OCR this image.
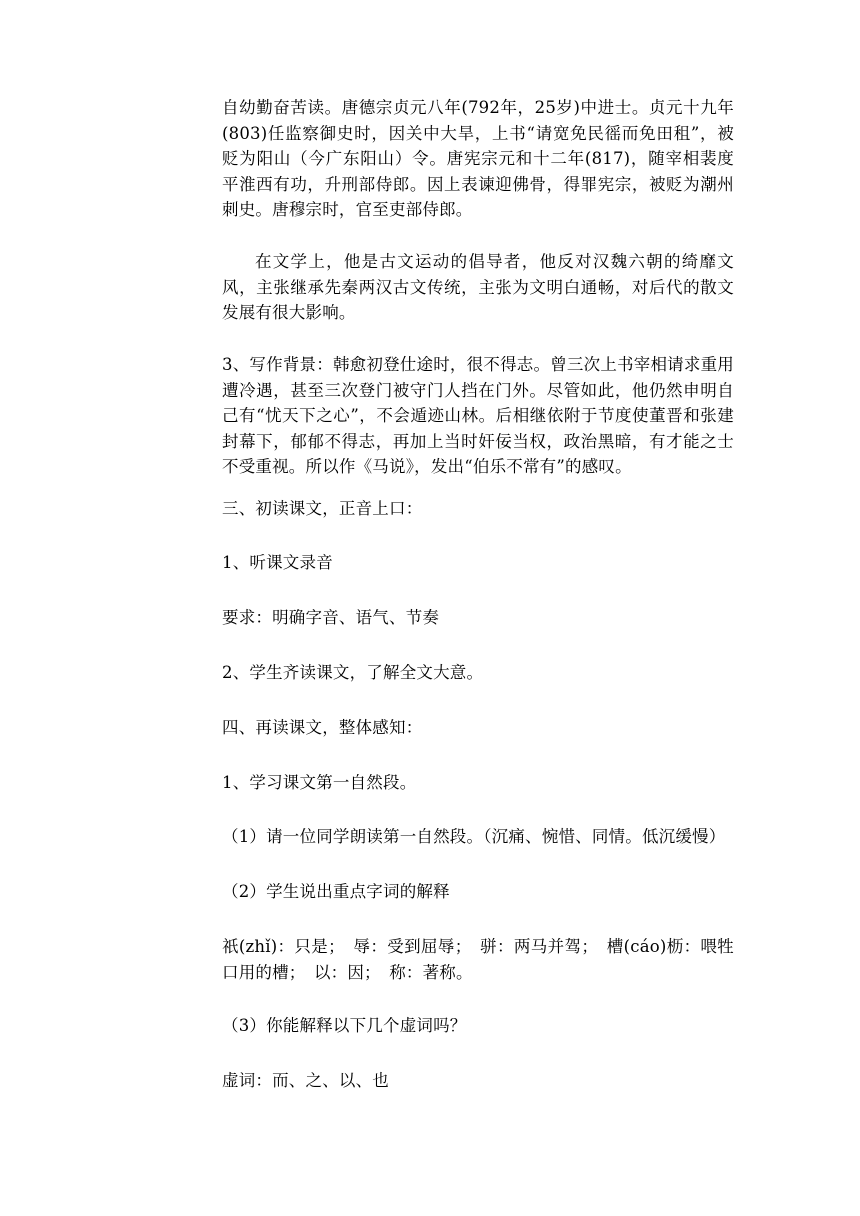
自幼勤奋苦读。唐德宗贞元八年(792年，25岁)中进士。贞元十九年(803)任监察御史时，因关中大旱，上书“请宽免民徭而免田租”，被贬为阳山（今广东阳山）令。唐宪宗元和十二年(817)，随宰相裴度平淮西有功，升刑部侍郎。因上表谏迎佛骨，得罪宪宗，被贬为潮州刺史。唐穆宗时，官至吏部侍郎。

在文学上，他是古文运动的倡导者，他反对汉魏六朝的绮靡文风，主张继承先秦两汉古文传统，主张为文明白通畅，对后代的散文发展有很大影响。

3、写作背景：韩愈初登仕途时，很不得志。曾三次上书宰相请求重用遭冷遇，甚至三次登门被守门人挡在门外。尽管如此，他仍然申明自己有“忧天下之心”，不会遁迹山林。后相继依附于节度使董晋和张建封幕下，郁郁不得志，再加上当时奸佞当权，政治黑暗，有才能之士不受重视。所以作《马说》，发出“伯乐不常有”的感叹。

三、初读课文，正音上口：

1、听课文录音

要求：明确字音、语气、节奏

2、学生齐读课文，了解全文大意。

四、再读课文，整体感知：

1、学习课文第一自然段。

（1）请一位同学朗读第一自然段。（沉痛、惋惜、同情。低沉缓慢）

（2）学生说出重点字词的解释

祇(zhǐ)：只是；　辱：受到屈辱；　骈：两马并驾；　槽(cáo)枥：喂牲口用的槽；　以：因；　称：著称。

（3）你能解释以下几个虚词吗？

虚词：而、之、以、也
